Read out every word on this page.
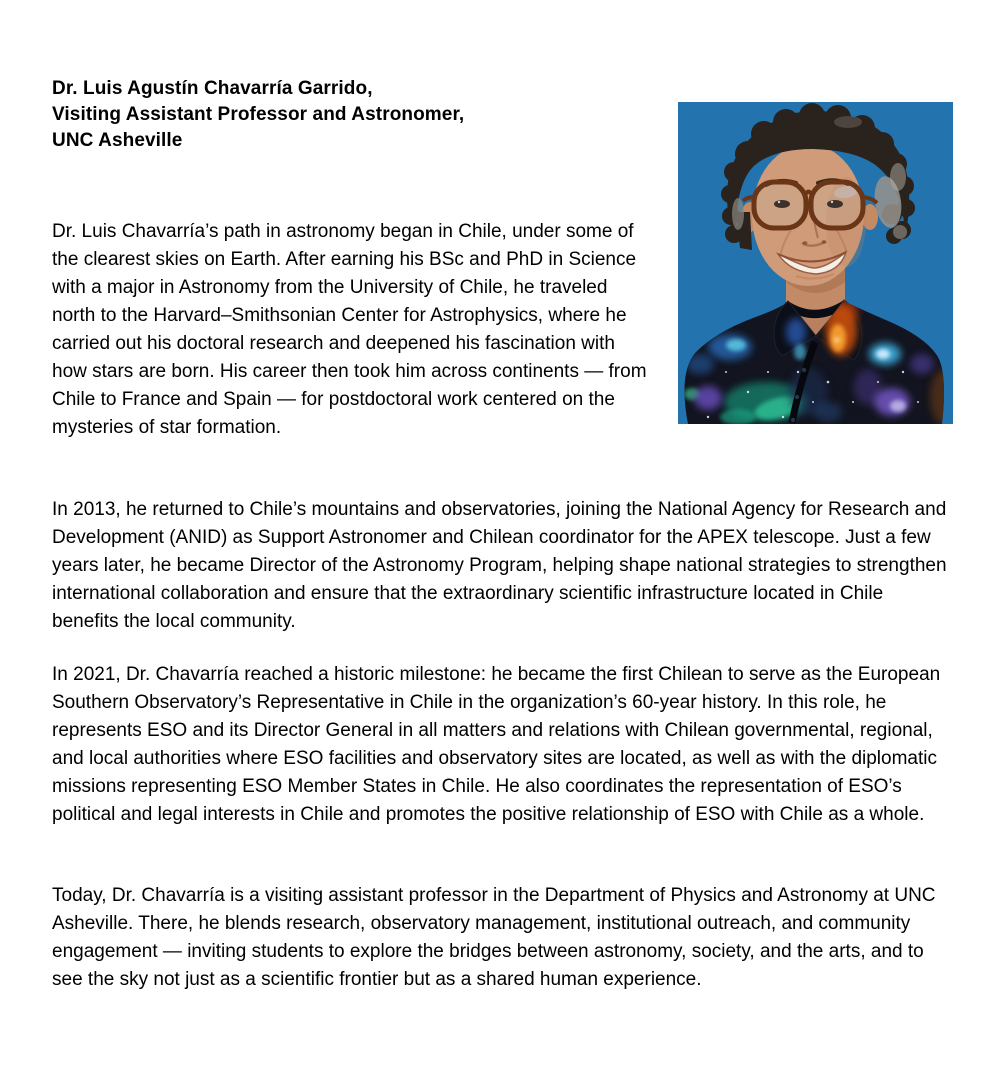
Dr. Luis Agustín Chavarría Garrido,
Visiting Assistant Professor and Astronomer,
UNC Asheville

Dr. Luis Chavarría’s path in astronomy began in Chile, under some of the clearest skies on Earth. After earning his BSc and PhD in Science with a major in Astronomy from the University of Chile, he traveled north to the Harvard–Smithsonian Center for Astrophysics, where he carried out his doctoral research and deepened his fascination with how stars are born. His career then took him across continents — from Chile to France and Spain — for postdoctoral work centered on the mysteries of star formation.

In 2013, he returned to Chile’s mountains and observatories, joining the National Agency for Research and Development (ANID) as Support Astronomer and Chilean coordinator for the APEX telescope. Just a few years later, he became Director of the Astronomy Program, helping shape national strategies to strengthen international collaboration and ensure that the extraordinary scientific infrastructure located in Chile benefits the local community.

In 2021, Dr. Chavarría reached a historic milestone: he became the first Chilean to serve as the European Southern Observatory’s Representative in Chile in the organization’s 60-year history. In this role, he represents ESO and its Director General in all matters and relations with Chilean governmental, regional, and local authorities where ESO facilities and observatory sites are located, as well as with the diplomatic missions representing ESO Member States in Chile. He also coordinates the representation of ESO’s political and legal interests in Chile and promotes the positive relationship of ESO with Chile as a whole.

Today, Dr. Chavarría is a visiting assistant professor in the Department of Physics and Astronomy at UNC Asheville. There, he blends research, observatory management, institutional outreach, and community engagement — inviting students to explore the bridges between astronomy, society, and the arts, and to see the sky not just as a scientific frontier but as a shared human experience.
